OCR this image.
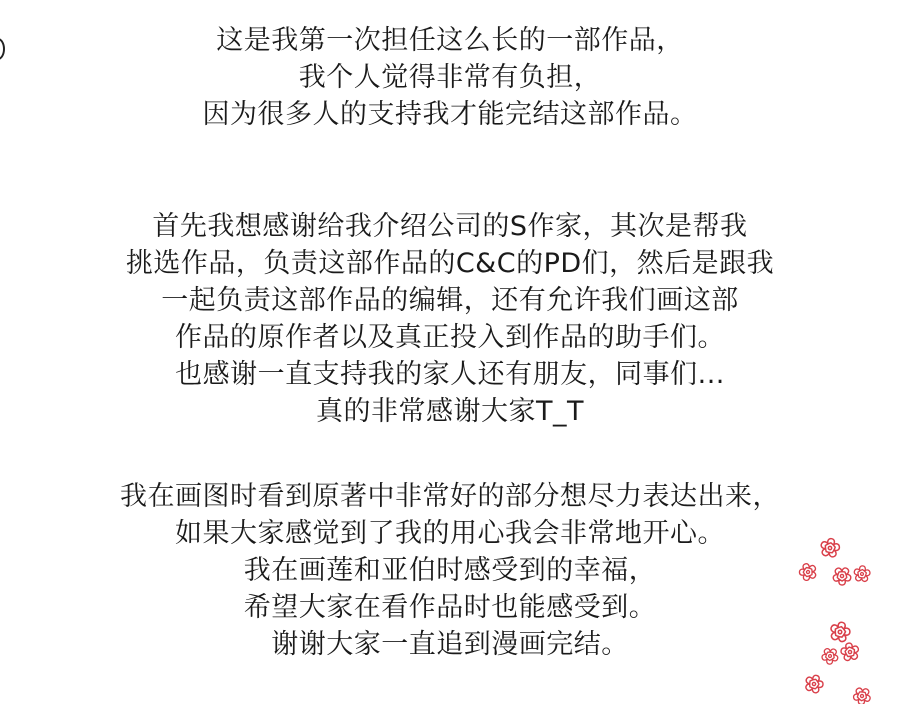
这是我第一次担任这么长的一部作品，
我个人觉得非常有负担，
因为很多人的支持我才能完结这部作品。
首先我想感谢给我介绍公司的S作家，其次是帮我
挑选作品，负责这部作品的C&C的PD们，然后是跟我
一起负责这部作品的编辑，还有允许我们画这部
作品的原作者以及真正投入到作品的助手们。
也感谢一直支持我的家人还有朋友，同事们...
真的非常感谢大家T_T
我在画图时看到原著中非常好的部分想尽力表达出来，
如果大家感觉到了我的用心我会非常地开心。
我在画莲和亚伯时感受到的幸福，
希望大家在看作品时也能感受到。
谢谢大家一直追到漫画完结。
